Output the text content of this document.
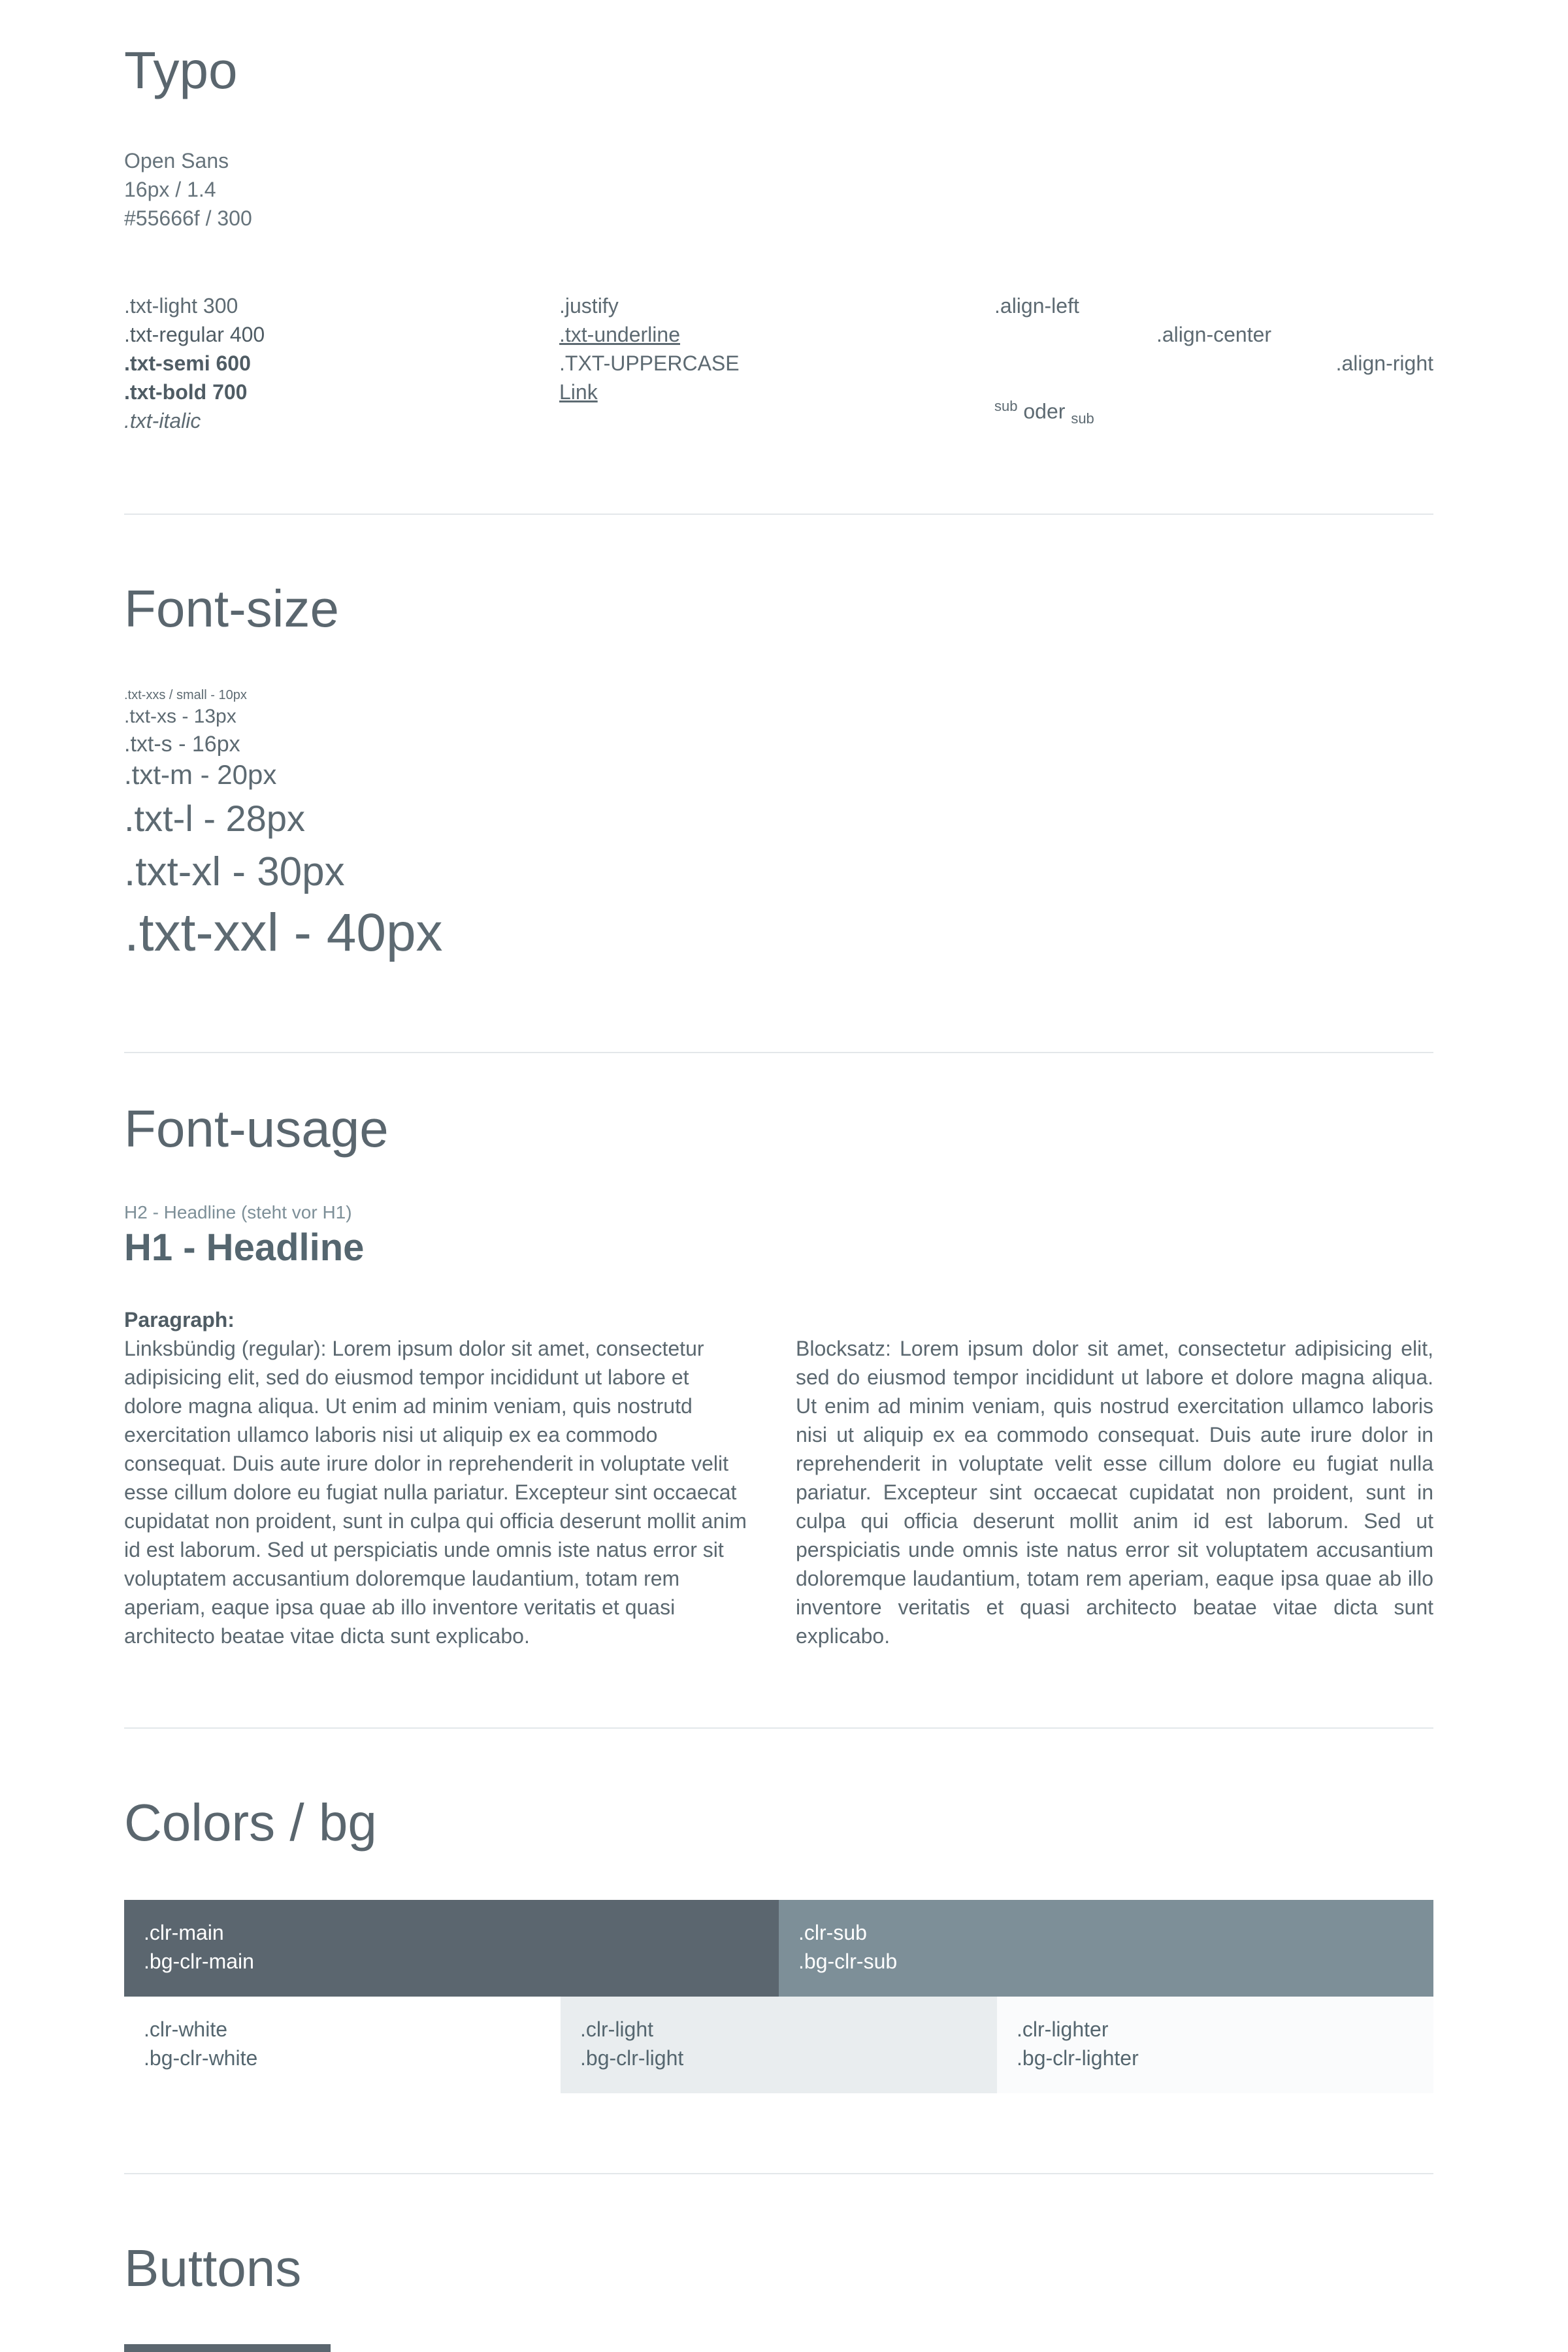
Typo
Open Sans
16px / 1.4
#55666f / 300
.txt-light 300
.txt-regular 400
.txt-semi 600
.txt-bold 700
.txt-italic
.justify
.txt-underline
.TXT-UPPERCASE
Link
.align-left
.align-center
.align-right
$^{sub}$ oder $_{sub}$
Font-size
.txt-xxs / small - 10px
.txt-xs - 13px
.txt-s - 16px
.txt-m - 20px
.txt-l - 28px
.txt-xl - 30px
.txt-xxl - 40px
Font-usage
H2 - Headline (steht vor H1)
H1 - Headline
Paragraph:
Linksbündig (regular): Lorem ipsum dolor sit amet, consectetur adipisicing elit, sed do eiusmod tempor incididunt ut labore et dolore magna aliqua. Ut enim ad minim veniam, quis nostrutd exercitation ullamco laboris nisi ut aliquip ex ea commodo consequat. Duis aute irure dolor in reprehenderit in voluptate velit esse cillum dolore eu fugiat nulla pariatur. Excepteur sint occaecat cupidatat non proident, sunt in culpa qui officia deserunt mollit anim id est laborum. Sed ut perspiciatis unde omnis iste natus error sit voluptatem accusantium doloremque laudantium, totam rem aperiam, eaque ipsa quae ab illo inventore veritatis et quasi architecto beatae vitae dicta sunt explicabo.
Blocksatz: Lorem ipsum dolor sit amet, consectetur adipisicing elit, sed do eiusmod tempor incididunt ut labore et dolore magna aliqua. Ut enim ad minim veniam, quis nostrud exercitation ullamco laboris nisi ut aliquip ex ea commodo consequat. Duis aute irure dolor in reprehenderit in voluptate velit esse cillum dolore eu fugiat nulla pariatur. Excepteur sint occaecat cupidatat non proident, sunt in culpa qui officia deserunt mollit anim id est laborum. Sed ut perspiciatis unde omnis iste natus error sit voluptatem accusantium doloremque laudantium, totam rem aperiam, eaque ipsa quae ab illo inventore veritatis et quasi architecto beatae vitae dicta sunt explicabo.
Colors / bg
.clr-main
.bg-clr-main
.clr-sub
.bg-clr-sub
.clr-white
.bg-clr-white
.clr-light
.bg-clr-light
.clr-lighter
.bg-clr-lighter
Buttons
